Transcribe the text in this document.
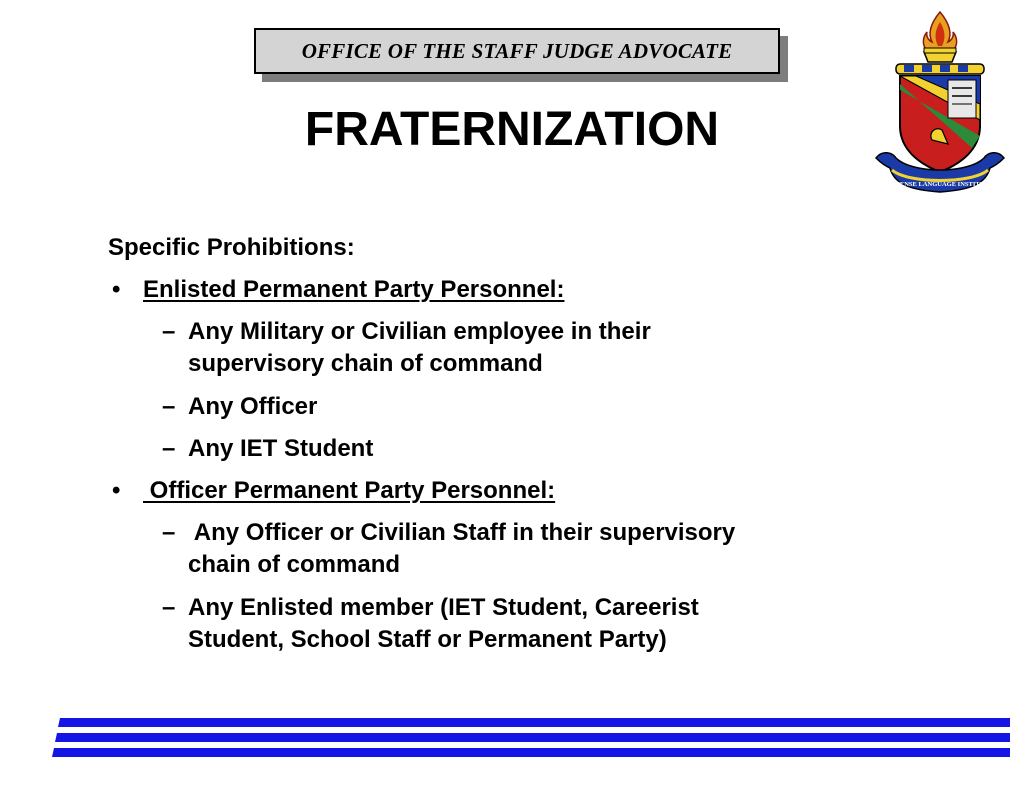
OFFICE OF THE STAFF JUDGE ADVOCATE
FRATERNIZATION
DEFENSE LANGUAGE INSTITUTE
Specific Prohibitions:
• Enlisted Permanent Party Personnel:
– Any Military or Civilian employee in their
supervisory chain of command
– Any Officer
– Any IET Student
• Officer Permanent Party Personnel:
– Any Officer or Civilian Staff in their supervisory
chain of command
– Any Enlisted member (IET Student, Careerist
Student, School Staff or Permanent Party)
